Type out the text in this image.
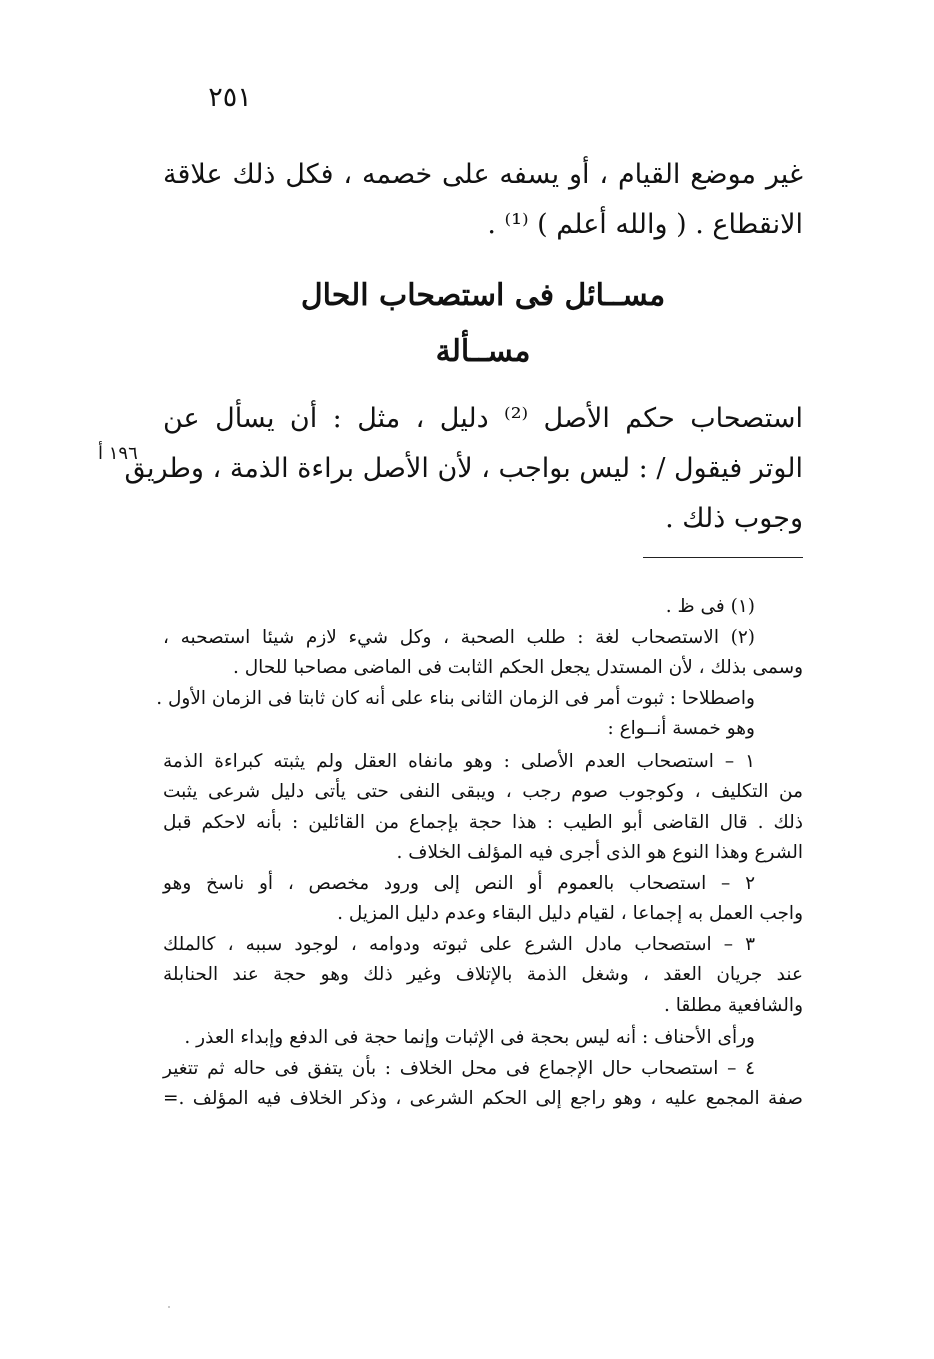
٢٥١
غير موضع القيام ، أو يسفه على خصمه ، فكل ذلك علاقة
الانقطاع . ( والله أعلم ) ⁽¹⁾ .
مســائل فى استصحاب الحال
مســألة
استصحاب حكم الأصل ⁽²⁾ دليل ، مثل : أن يسأل عن
الوتر فيقول / : ليس بواجب ، لأن الأصل براءة الذمة ، وطريق
وجوب ذلك .
١٩٦ أ
(١) فى ظ .
(٢) الاستصحاب لغة : طلب الصحبة ، وكل شيء لازم شيئا استصحبه ،
وسمى بذلك ، لأن المستدل يجعل الحكم الثابت فى الماضى مصاحبا للحال .
واصطلاحا : ثبوت أمر فى الزمان الثانى بناء على أنه كان ثابتا فى الزمان الأول .
وهو خمسة أنــواع :
١ – استصحاب العدم الأصلى : وهو مانفاه العقل ولم يثبته كبراءة الذمة
من التكليف ، وكوجوب صوم رجب ، ويبقى النفى حتى يأتى دليل شرعى يثبت
ذلك . قال القاضى أبو الطيب : هذا حجة بإجماع من القائلين : بأنه لاحكم قبل
الشرع وهذا النوع هو الذى أجرى فيه المؤلف الخلاف .
٢ – استصحاب بالعموم أو النص إلى ورود مخصص ، أو ناسخ وهو
واجب العمل به إجماعا ، لقيام دليل البقاء وعدم دليل المزيل .
٣ – استصحاب مادل الشرع على ثبوته ودوامه ، لوجود سببه ، كالملك
عند جريان العقد ، وشغل الذمة بالإتلاف وغير ذلك وهو حجة عند الحنابلة
والشافعية مطلقا .
ورأى الأحناف : أنه ليس بحجة فى الإثبات وإنما حجة فى الدفع وإبداء العذر .
٤ – استصحاب حال الإجماع فى محل الخلاف : بأن يتفق فى حاله ثم تتغير
صفة المجمع عليه ، وهو راجع إلى الحكم الشرعى ، وذكر الخلاف فيه المؤلف .=
